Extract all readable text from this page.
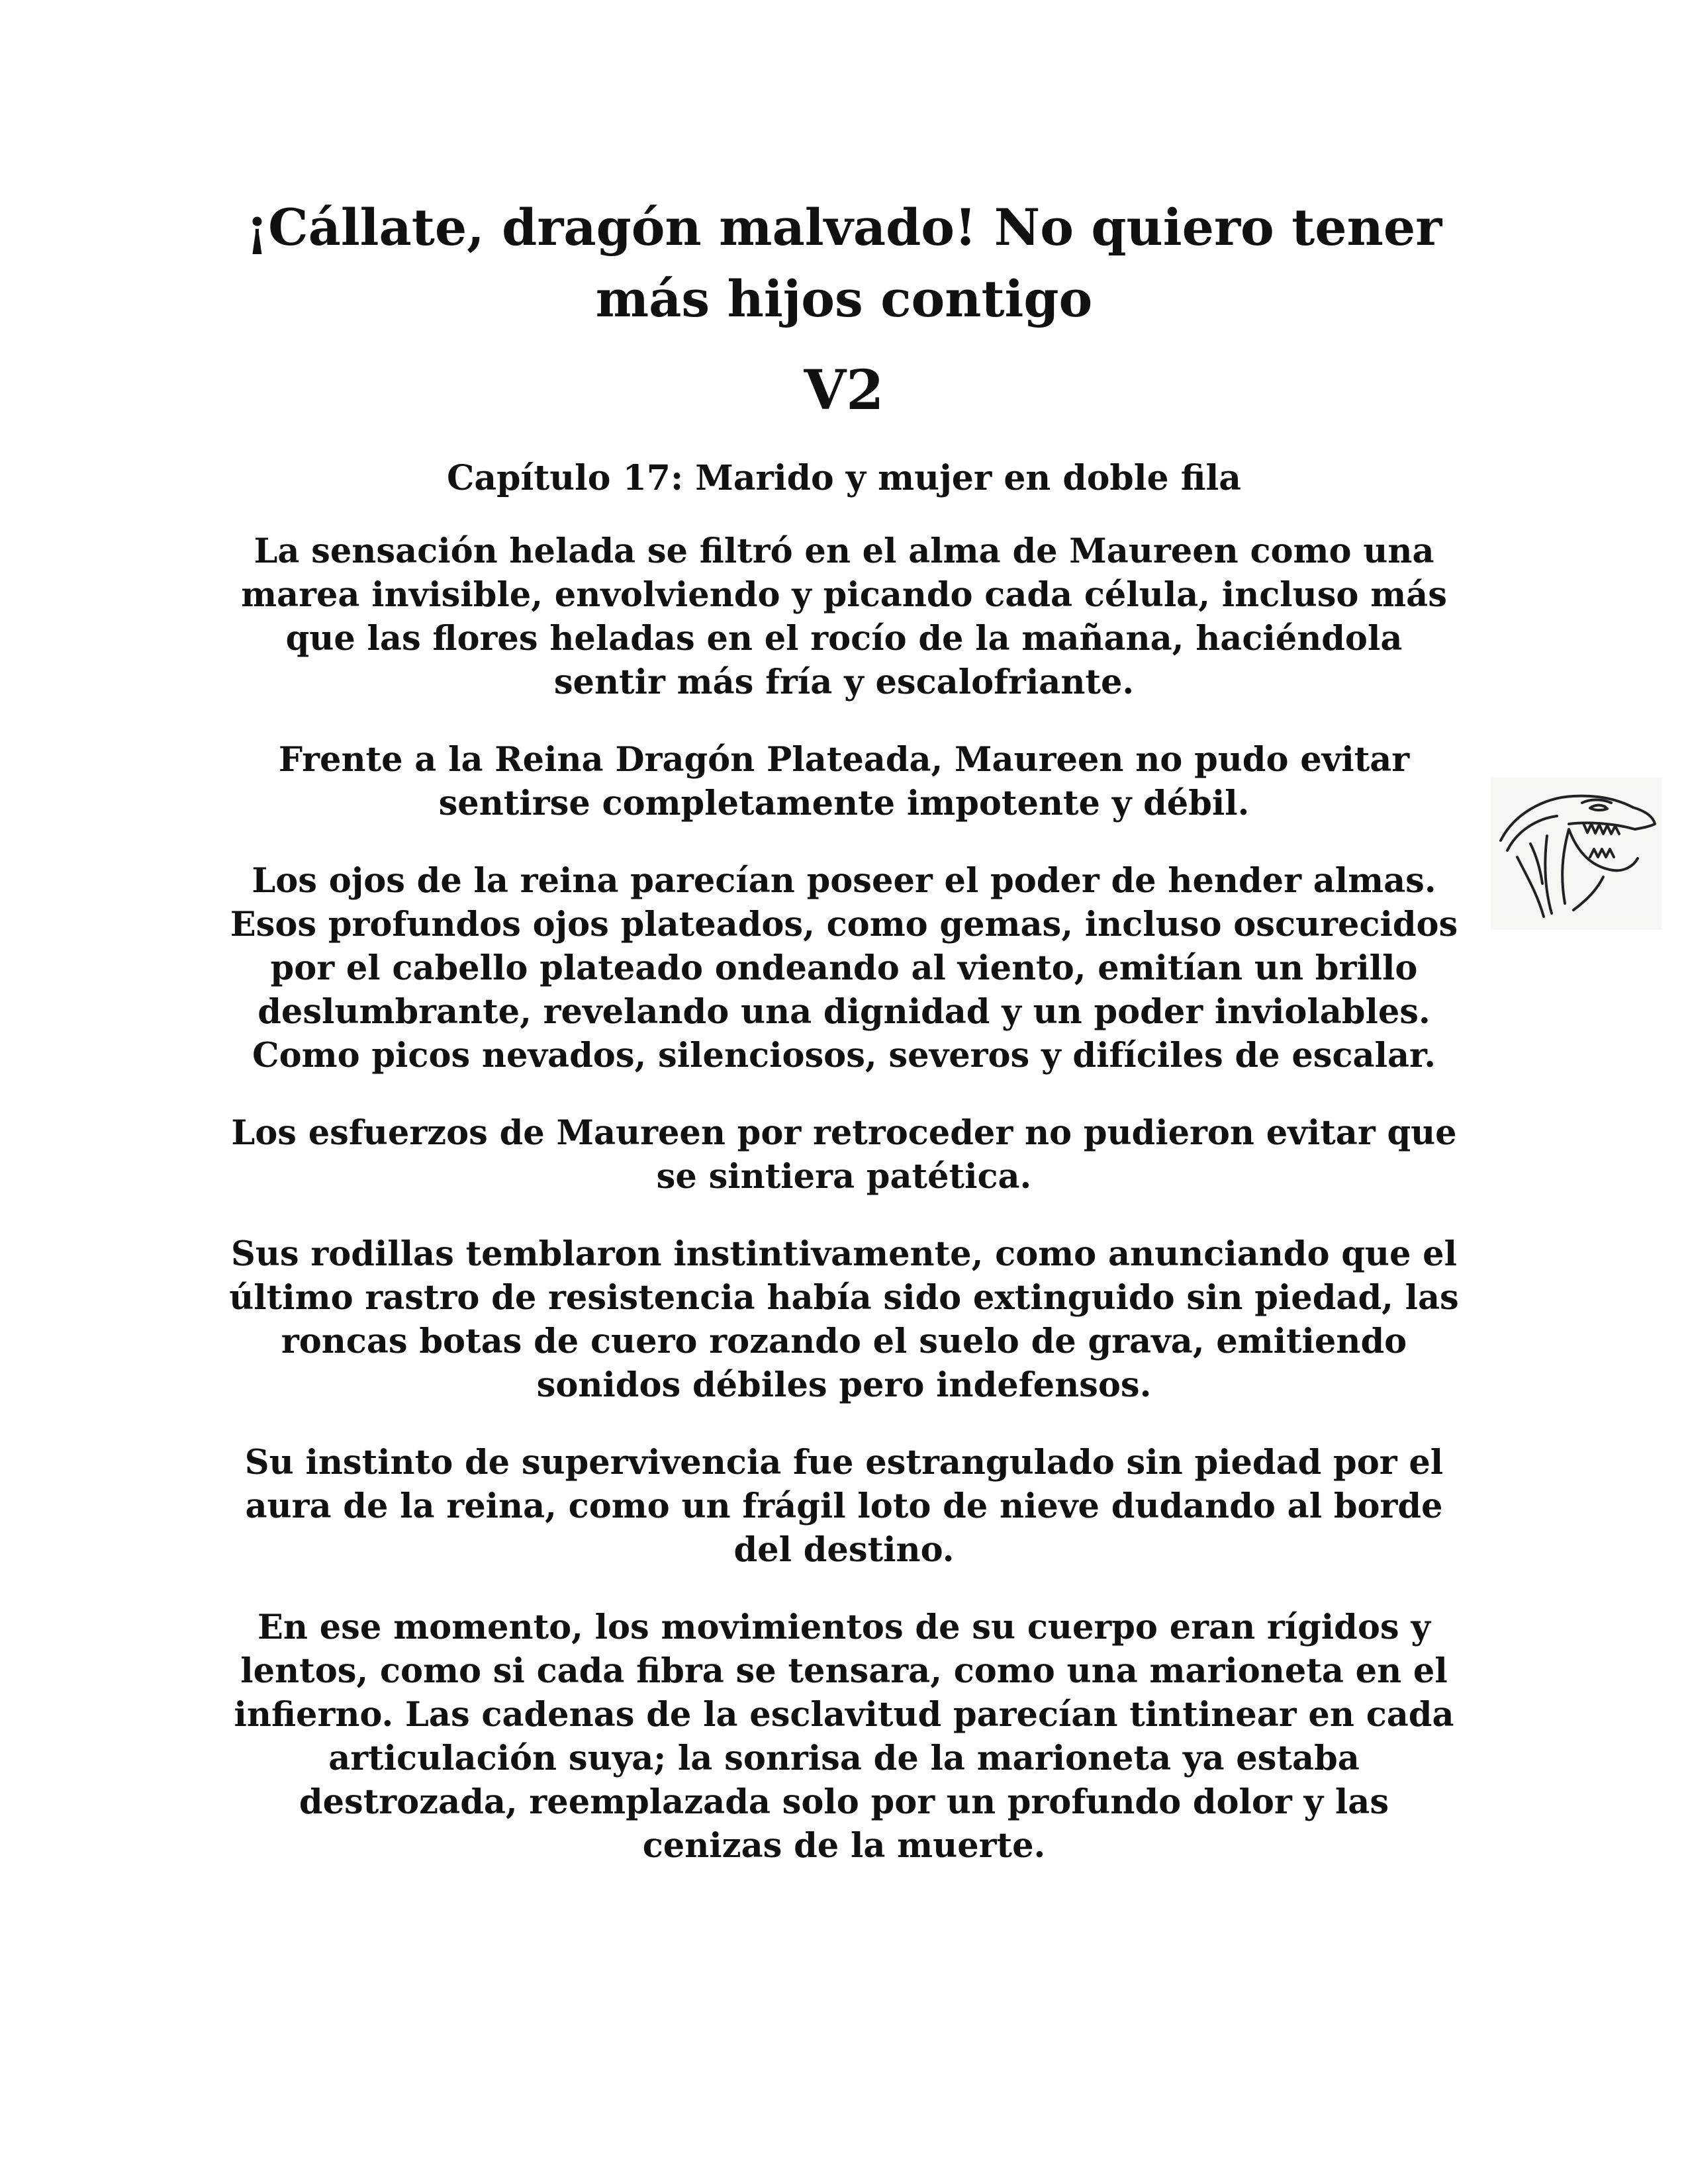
¡Cállate, dragón malvado! No quiero tener más hijos contigo
V2
Capítulo 17: Marido y mujer en doble fila

La sensación helada se filtró en el alma de Maureen como una marea invisible, envolviendo y picando cada célula, incluso más que las flores heladas en el rocío de la mañana, haciéndola sentir más fría y escalofriante.

Frente a la Reina Dragón Plateada, Maureen no pudo evitar sentirse completamente impotente y débil.

Los ojos de la reina parecían poseer el poder de hender almas. Esos profundos ojos plateados, como gemas, incluso oscurecidos por el cabello plateado ondeando al viento, emitían un brillo deslumbrante, revelando una dignidad y un poder inviolables. Como picos nevados, silenciosos, severos y difíciles de escalar.

Los esfuerzos de Maureen por retroceder no pudieron evitar que se sintiera patética.

Sus rodillas temblaron instintivamente, como anunciando que el último rastro de resistencia había sido extinguido sin piedad, las roncas botas de cuero rozando el suelo de grava, emitiendo sonidos débiles pero indefensos.

Su instinto de supervivencia fue estrangulado sin piedad por el aura de la reina, como un frágil loto de nieve dudando al borde del destino.

En ese momento, los movimientos de su cuerpo eran rígidos y lentos, como si cada fibra se tensara, como una marioneta en el infierno. Las cadenas de la esclavitud parecían tintinear en cada articulación suya; la sonrisa de la marioneta ya estaba destrozada, reemplazada solo por un profundo dolor y las cenizas de la muerte.
